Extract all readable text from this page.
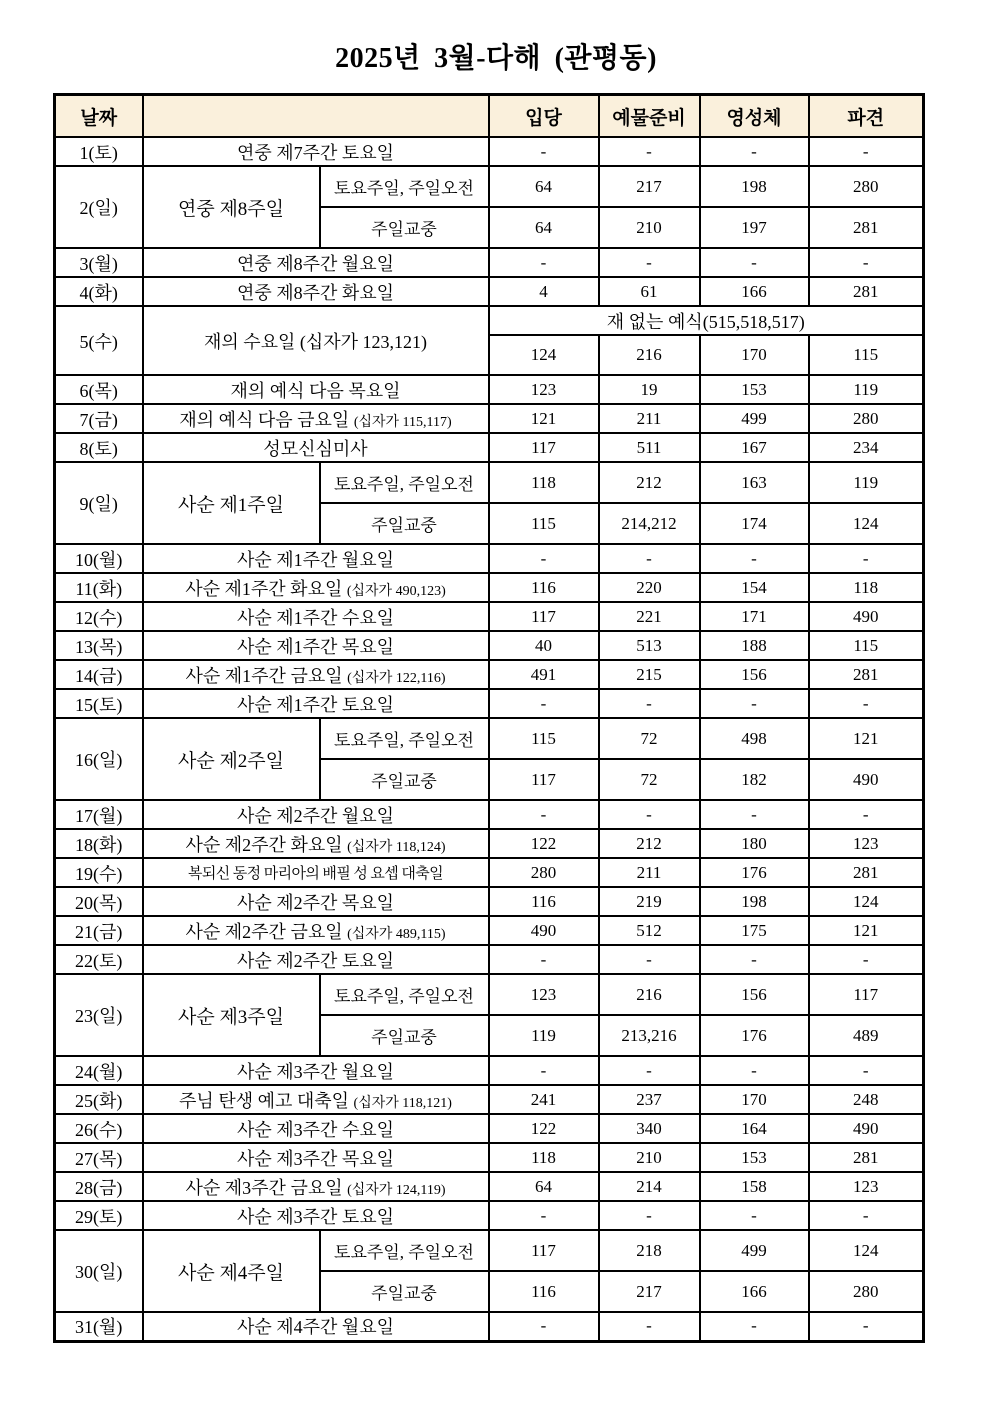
2025년 3월-다해 (관평동)
날짜			입당	예물준비	영성체	파견
1(토)	연중 제7주간 토요일		-	-	-	-
2(일)	연중 제8주일	토요주일, 주일오전	64	217	198	280
		주일교중	64	210	197	281
3(월)	연중 제8주간 월요일		-	-	-	-
4(화)	연중 제8주간 화요일		4	61	166	281
5(수)	재의 수요일 (십자가 123,121)		재 없는 예식(515,518,517)			
			124	216	170	115
6(목)	재의 예식 다음 목요일		123	19	153	119
7(금)	재의 예식 다음 금요일 (십자가 115,117)		121	211	499	280
8(토)	성모신심미사		117	511	167	234
9(일)	사순 제1주일	토요주일, 주일오전	118	212	163	119
		주일교중	115	214,212	174	124
10(월)	사순 제1주간 월요일		-	-	-	-
11(화)	사순 제1주간 화요일 (십자가 490,123)		116	220	154	118
12(수)	사순 제1주간 수요일		117	221	171	490
13(목)	사순 제1주간 목요일		40	513	188	115
14(금)	사순 제1주간 금요일 (십자가 122,116)		491	215	156	281
15(토)	사순 제1주간 토요일		-	-	-	-
16(일)	사순 제2주일	토요주일, 주일오전	115	72	498	121
		주일교중	117	72	182	490
17(월)	사순 제2주간 월요일		-	-	-	-
18(화)	사순 제2주간 화요일 (십자가 118,124)		122	212	180	123
19(수)	복되신 동정 마리아의 배필 성 요셉 대축일		280	211	176	281
20(목)	사순 제2주간 목요일		116	219	198	124
21(금)	사순 제2주간 금요일 (십자가 489,115)		490	512	175	121
22(토)	사순 제2주간 토요일		-	-	-	-
23(일)	사순 제3주일	토요주일, 주일오전	123	216	156	117
		주일교중	119	213,216	176	489
24(월)	사순 제3주간 월요일		-	-	-	-
25(화)	주님 탄생 예고 대축일 (십자가 118,121)		241	237	170	248
26(수)	사순 제3주간 수요일		122	340	164	490
27(목)	사순 제3주간 목요일		118	210	153	281
28(금)	사순 제3주간 금요일 (십자가 124,119)		64	214	158	123
29(토)	사순 제3주간 토요일		-	-	-	-
30(일)	사순 제4주일	토요주일, 주일오전	117	218	499	124
		주일교중	116	217	166	280
31(월)	사순 제4주간 월요일		-	-	-	-
